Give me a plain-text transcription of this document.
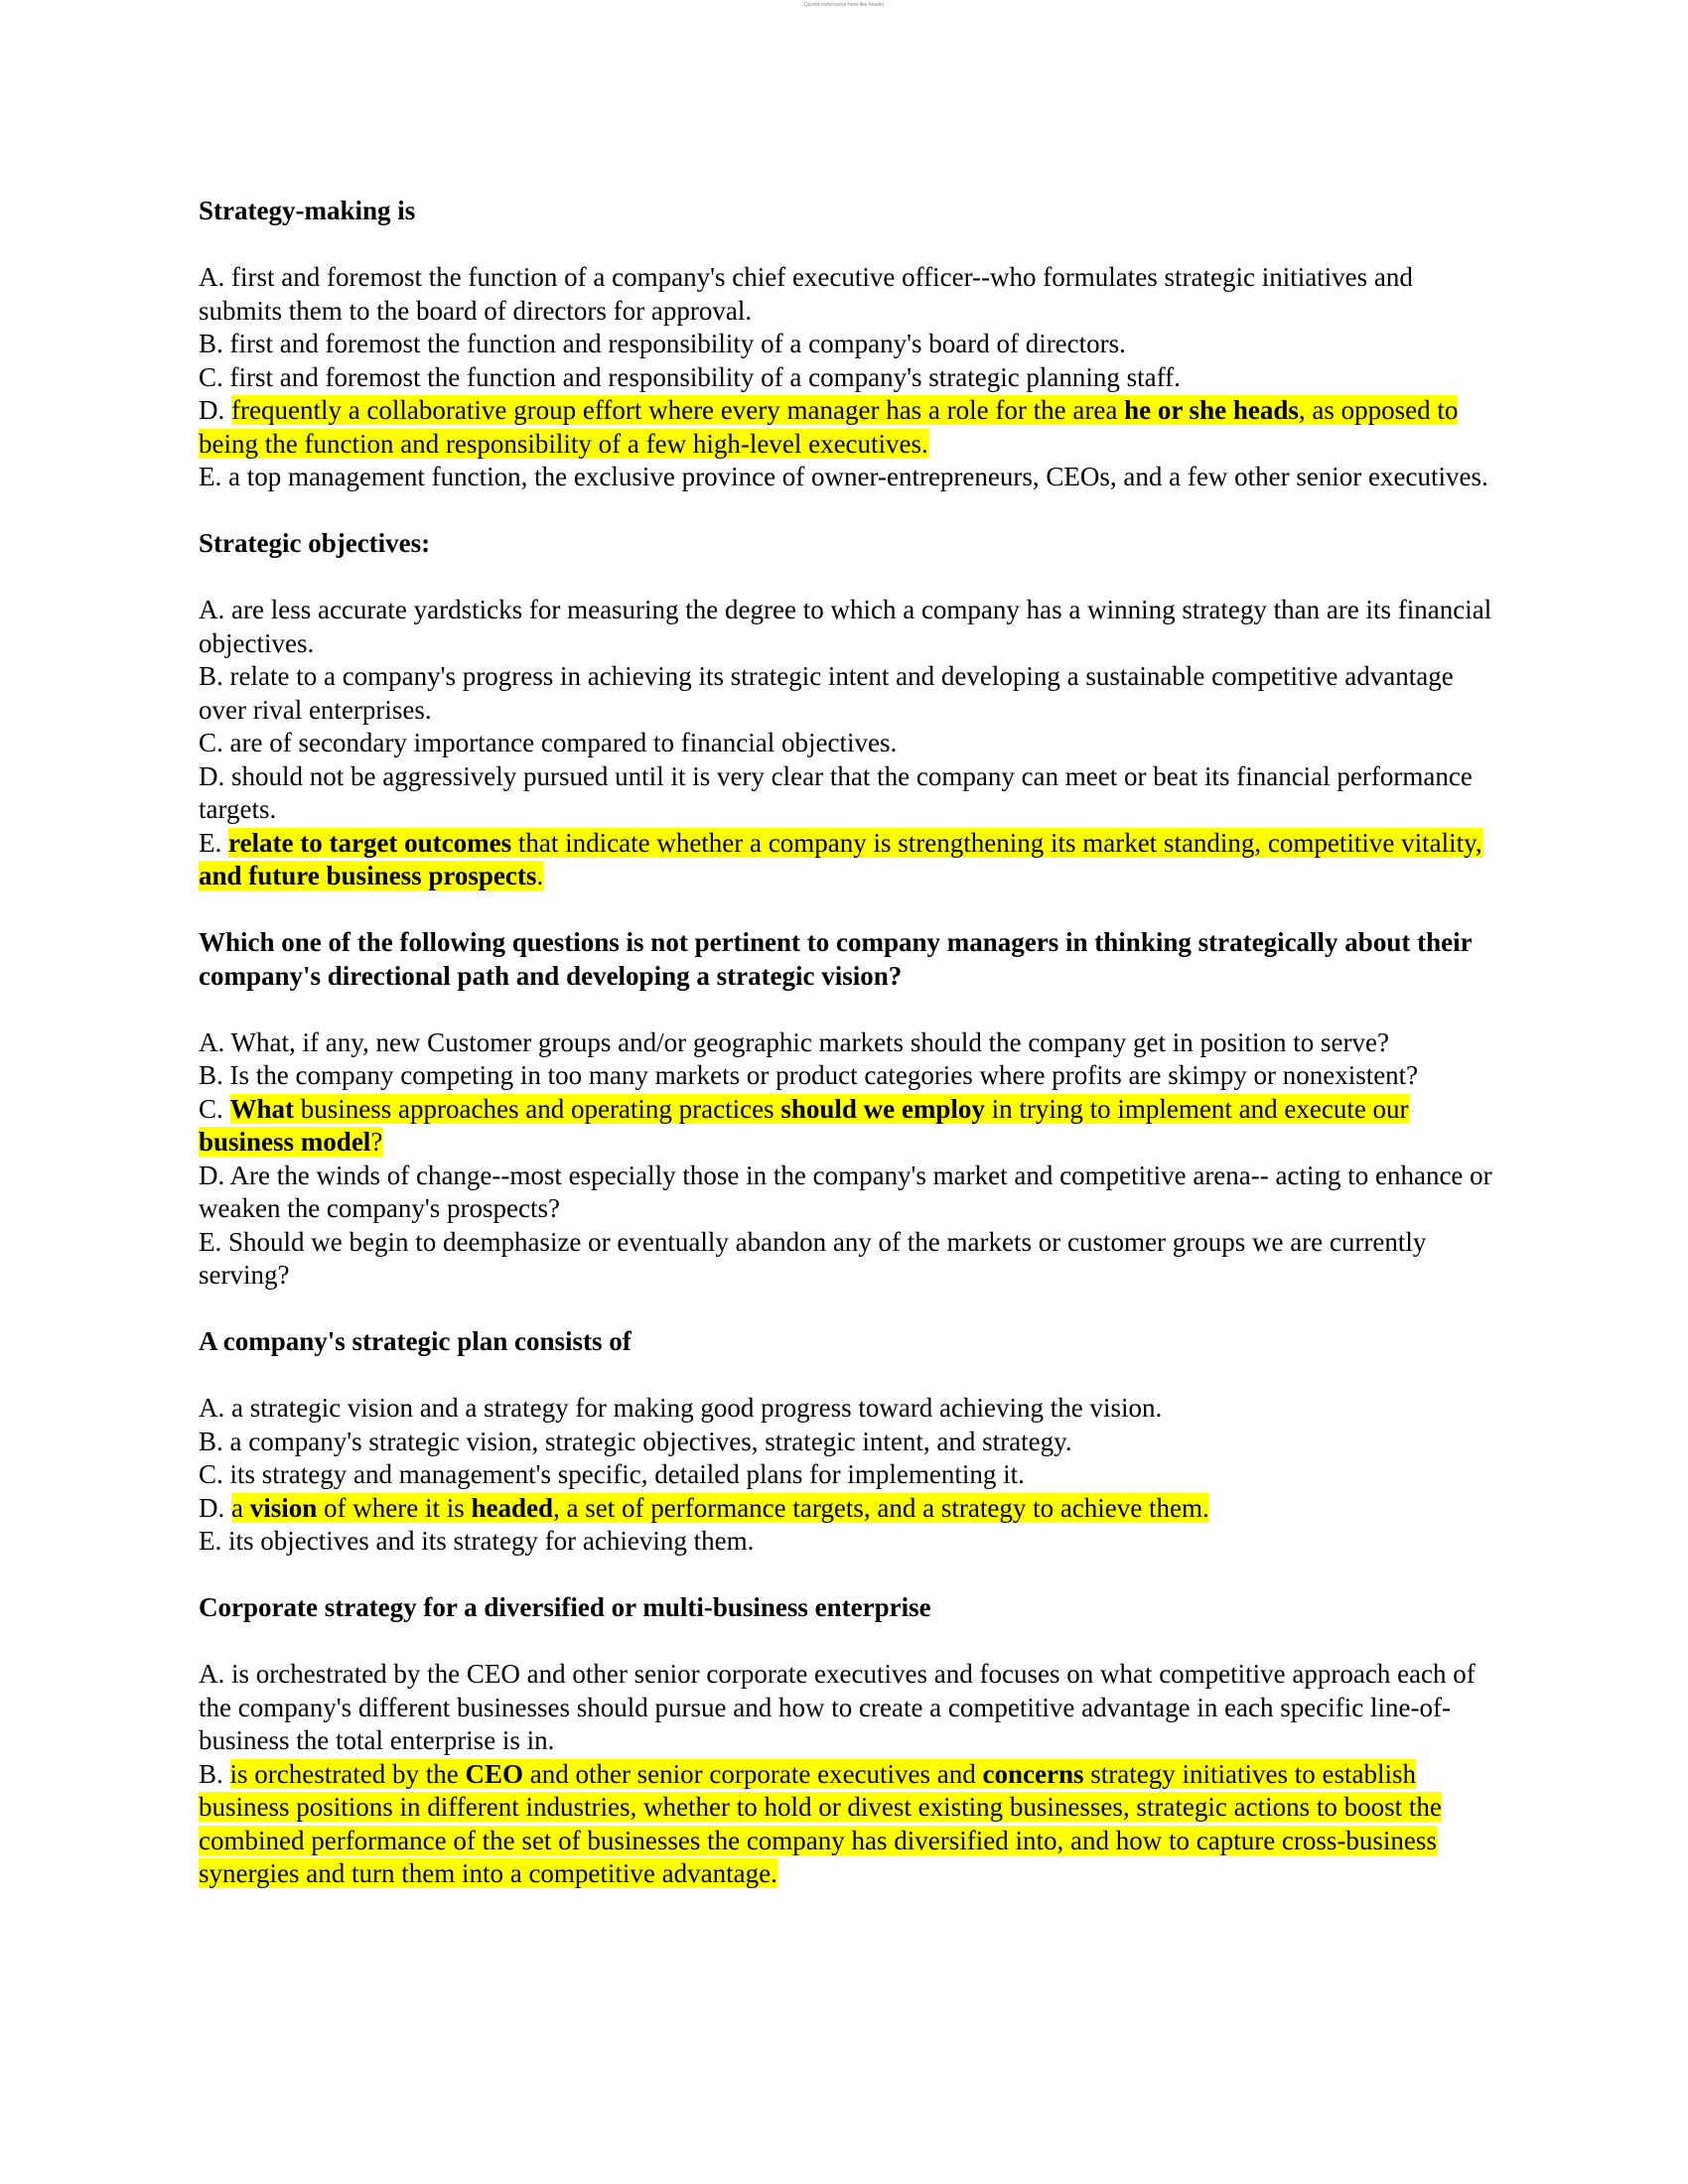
Quizlet.com/course-hero-like header

Strategy-making is

A. first and foremost the function of a company's chief executive officer--who formulates strategic initiatives and submits them to the board of directors for approval.

B. first and foremost the function and responsibility of a company's board of directors.

C. first and foremost the function and responsibility of a company's strategic planning staff.

D. frequently a collaborative group effort where every manager has a role for the area he or she heads, as opposed to being the function and responsibility of a few high-level executives.

E. a top management function, the exclusive province of owner-entrepreneurs, CEOs, and a few other senior executives.

Strategic objectives:

A. are less accurate yardsticks for measuring the degree to which a company has a winning strategy than are its financial objectives.

B. relate to a company's progress in achieving its strategic intent and developing a sustainable competitive advantage over rival enterprises.

C. are of secondary importance compared to financial objectives.

D. should not be aggressively pursued until it is very clear that the company can meet or beat its financial performance targets.

E. relate to target outcomes that indicate whether a company is strengthening its market standing, competitive vitality, and future business prospects.

Which one of the following questions is not pertinent to company managers in thinking strategically about their company's directional path and developing a strategic vision?

A. What, if any, new Customer groups and/or geographic markets should the company get in position to serve?

B. Is the company competing in too many markets or product categories where profits are skimpy or nonexistent?

C. What business approaches and operating practices should we employ in trying to implement and execute our business model?

D. Are the winds of change--most especially those in the company's market and competitive arena-- acting to enhance or weaken the company's prospects?

E. Should we begin to deemphasize or eventually abandon any of the markets or customer groups we are currently serving?

A company's strategic plan consists of

A. a strategic vision and a strategy for making good progress toward achieving the vision.

B. a company's strategic vision, strategic objectives, strategic intent, and strategy.

C. its strategy and management's specific, detailed plans for implementing it.

D. a vision of where it is headed, a set of performance targets, and a strategy to achieve them.

E. its objectives and its strategy for achieving them.

Corporate strategy for a diversified or multi-business enterprise

A. is orchestrated by the CEO and other senior corporate executives and focuses on what competitive approach each of the company's different businesses should pursue and how to create a competitive advantage in each specific line-of-business the total enterprise is in.

B. is orchestrated by the CEO and other senior corporate executives and concerns strategy initiatives to establish business positions in different industries, whether to hold or divest existing businesses, strategic actions to boost the combined performance of the set of businesses the company has diversified into, and how to capture cross-business synergies and turn them into a competitive advantage.
